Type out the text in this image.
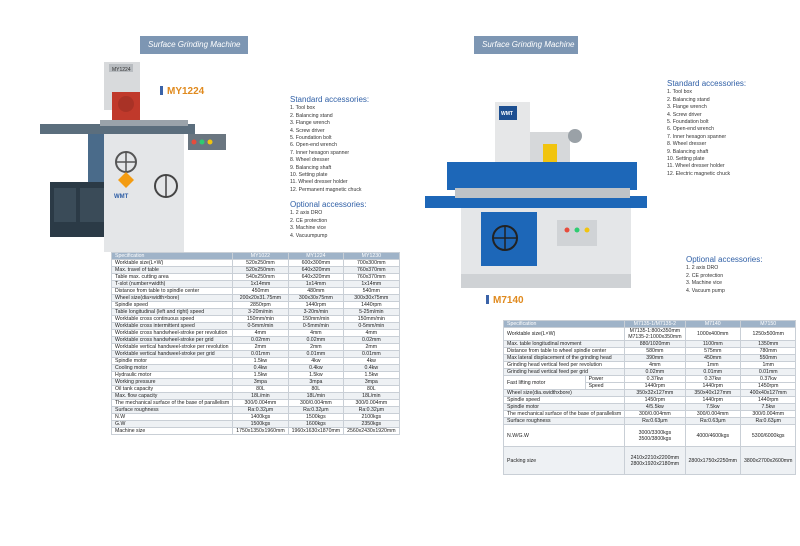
Surface Grinding Machine
MY1224
WMT
MY1224
Standard accessories:
1. Tool box
2. Balancing stand
3. Flange wrench
4. Screw driver
5. Foundation bolt
6. Open-end wrench
7. Inner hexagon spanner
8. Wheel dresser
9. Balancing shaft
10. Setting plate
11. Wheel dresser holder
12. Permanent magnetic chuck
Optional accessories:
1. 2 axis DRO
2. CE protection
3. Machine vice
4. Vacuumpump
Specification	MY1022	MY1224	MY1230
Worktable size(L×W)	520x250mm	600x300mm	700x300mm
Max. travel of table	520x250mm	640x320mm	760x370mm
Table max. cutting area	540x250mm	640x320mm	760x370mm
T-slot (number×width)	1x14mm	1x14mm	1x14mm
Distance from table to spindle center	450mm	480mm	540mm
Wheel size(dia×width×bore)	200x20x31.75mm	300x30x75mm	300x30x75mm
Spindle speed	2850rpm	1440rpm	1440rpm
Table longitudinal (left and right) speed	3-20m/min	3-20m/min	5-25m/min
Worktable cross continuous speed	150mm/min	150mm/min	150mm/min
Worktable cross intermittent speed	0-5mm/min	0-5mm/min	0-5mm/min
Worktable cross handwheel-stroke per revolution	4mm	4mm	4mm
Worktable cross handwheel-stroke per grid	0.02mm	0.02mm	0.02mm
Worktable vertical handweel-stroke per revolution	2mm	2mm	2mm
Worktable vertical handweel-stroke per grid	0.01mm	0.01mm	0.01mm
Spindle motor	1.5kw	4kw	4kw
Cooling motor	0.4kw	0.4kw	0.4kw
Hydraulic motor	1.5kw	1.5kw	1.5kw
Working pressure	3mpa	3mpa	3mpa
Oil tank capacity	80L	80L	80L
Max. flow capacity	18L/min	18L/min	18L/min
The mechanical surface of the base of parallelism	300/0.004mm	300/0.004mm	300/0.004mm
Surface roughness	Ra:0.32μm	Ra:0.32μm	Ra:0.32μm
N.W	1400kgs	1500kgs	2100kgs
G.W	1500kgs	1600kgs	2350kgs
Machine size	1750x1350x1960mm	1960x1630x1870mm	2560x2430x1920mm
Surface Grinding Machine
WMT
M7140
Standard accessories:
1. Tool box
2. Balancing stand
3. Flange wrench
4. Screw driver
5. Foundation bolt
6. Open-end wrench
7. Inner hexagon spanner
8. Wheel dresser
9. Balancing shaft
10. Setting plate
11. Wheel dresser holder
12. Electric magnetic chuck
Optional accessories:
1. 2 axis DRO
2. CE protection
3. Machine vice
4. Vacuum pump
Specification		M7135-1/M7135-2	M7140	M7150
Worktable size(L×W)		M7135-1:800x350mm
M7135-2:1000x350mm	1000x400mm	1250x500mm
Max. table longitudinal movment		880/1020mm	1100mm	1350mm
Distance from table to wheel spindle center		580mm	575mm	780mm
Max lateral displacement of the grinding head		390mm	450mm	550mm
Grinding head vertical feed per revolution		4mm	1mm	1mm
Grinding head vertical feed per grid		0.02mm	0.01mm	0.01mm
Fast lifting motor	Power	0.37kw	0.37kw	0.37kw
	Speed	1440rpm	1440rpm	1450rpm
Wheel size(dia.xwidthxbore)		350x32x127mm	350x40x127mm	400x40x127mm
Spindle speed		1450rpm	1440rpm	1440rpm
Spindle motor		4/5.5kw	7.5kw	7.5kw
The mechanical surface of the base of parallelism		300/0.004mm	300/0.004mm	300/0.004mm
Surface roughness		Ra:0.63μm	Ra:0.63μm	Ra:0.63μm
N.W/G.W		3000/3300kgs
3500/3800kgs	4000/4600kgs	5300/6000kgs
Packing size		2410x2210x2200mm
2800x1920x2180mm	2800x1750x2250mm	3800x2700x2600mm
